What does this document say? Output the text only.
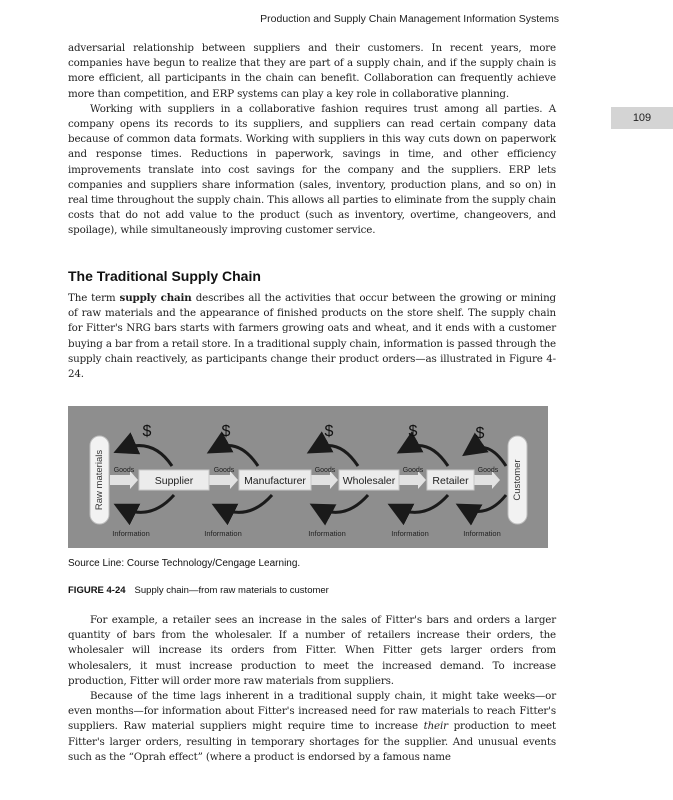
Production and Supply Chain Management Information Systems
109

adversarial relationship between suppliers and their customers. In recent years, more companies have begun to realize that they are part of a supply chain, and if the supply chain is more efficient, all participants in the chain can benefit. Collaboration can frequently achieve more than competition, and ERP systems can play a key role in collaborative planning.

Working with suppliers in a collaborative fashion requires trust among all parties. A company opens its records to its suppliers, and suppliers can read certain company data because of common data formats. Working with suppliers in this way cuts down on paperwork and response times. Reductions in paperwork, savings in time, and other efficiency improvements translate into cost savings for the company and the suppliers. ERP lets companies and suppliers share information (sales, inventory, production plans, and so on) in real time throughout the supply chain. This allows all parties to eliminate from the supply chain costs that do not add value to the product (such as inventory, overtime, changeovers, and spoilage), while simultaneously improving customer service.

The Traditional Supply Chain

The term supply chain describes all the activities that occur between the growing or mining of raw materials and the appearance of finished products on the store shelf. The supply chain for Fitter's NRG bars starts with farmers growing oats and wheat, and it ends with a customer buying a bar from a retail store. In a traditional supply chain, information is passed through the supply chain reactively, as participants change their product orders—as illustrated in Figure 4-24.

Raw materials	Customer
Goods	Goods	Goods	Goods	Goods
Supplier	Manufacturer	Wholesaler	Retailer
$	$	$	$	$
Information	Information	Information	Information	Information
Source Line: Course Technology/Cengage Learning.
FIGURE 4-24 Supply chain—from raw materials to customer

For example, a retailer sees an increase in the sales of Fitter's bars and orders a larger quantity of bars from the wholesaler. If a number of retailers increase their orders, the wholesaler will increase its orders from Fitter. When Fitter gets larger orders from wholesalers, it must increase production to meet the increased demand. To increase production, Fitter will order more raw materials from suppliers.

Because of the time lags inherent in a traditional supply chain, it might take weeks—or even months—for information about Fitter's increased need for raw materials to reach Fitter's suppliers. Raw material suppliers might require time to increase their production to meet Fitter's larger orders, resulting in temporary shortages for the supplier. And unusual events such as the “Oprah effect” (where a product is endorsed by a famous name
